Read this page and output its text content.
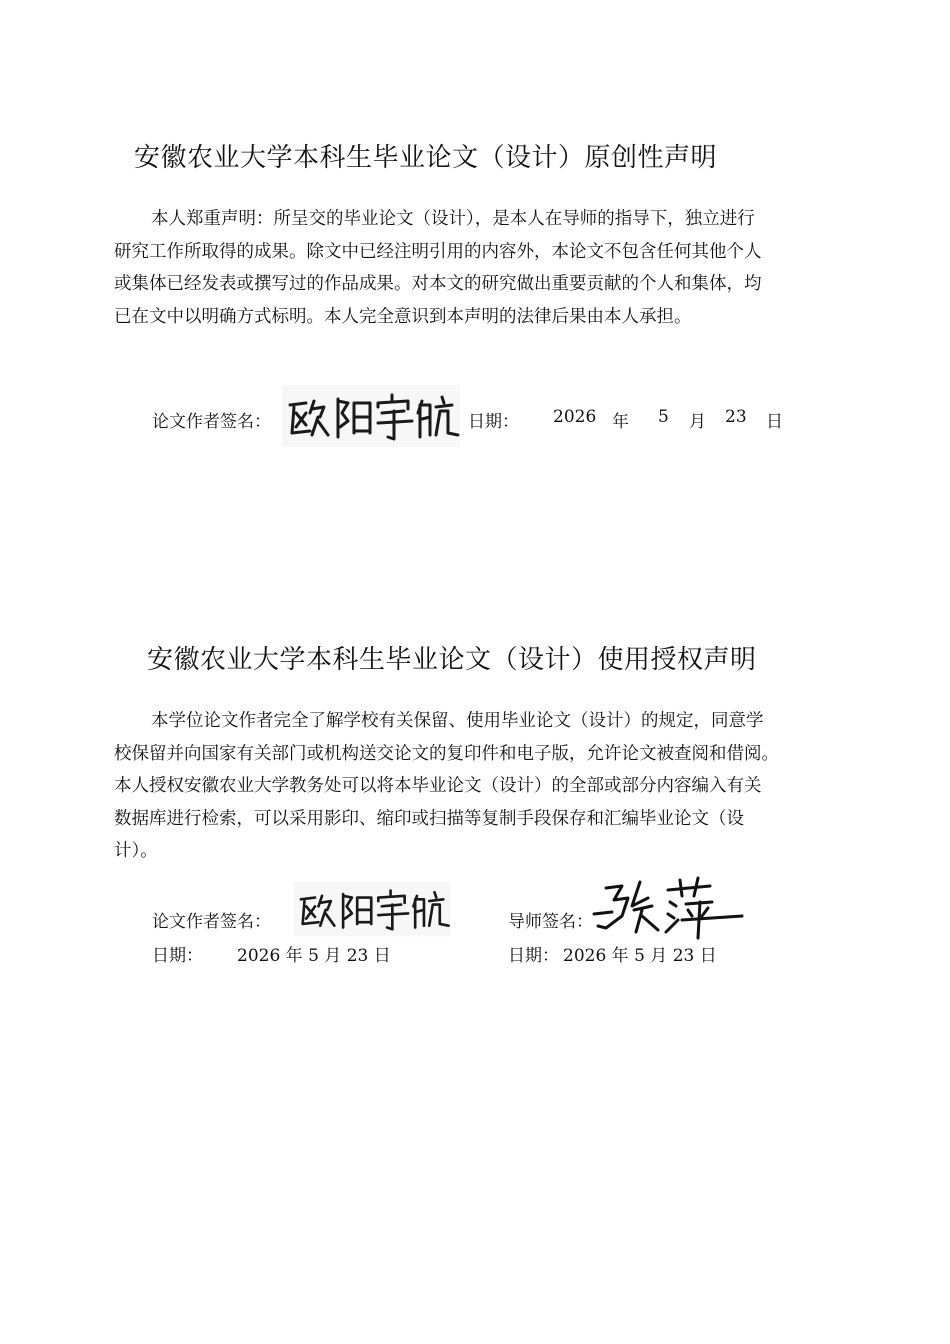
安徽农业大学本科生毕业论文（设计）原创性声明

本人郑重声明：所呈交的毕业论文（设计），是本人在导师的指导下，独立进行

研究工作所取得的成果。除文中已经注明引用的内容外，本论文不包含任何其他个人

或集体已经发表或撰写过的作品成果。对本文的研究做出重要贡献的个人和集体，均

已在文中以明确方式标明。本人完全意识到本声明的法律后果由本人承担。

论文作者签名：	日期： 2026 年 5 月 23 日
安徽农业大学本科生毕业论文（设计）使用授权声明

本学位论文作者完全了解学校有关保留、使用毕业论文（设计）的规定，同意学

校保留并向国家有关部门或机构送交论文的复印件和电子版，允许论文被查阅和借阅。

本人授权安徽农业大学教务处可以将本毕业论文（设计）的全部或部分内容编入有关

数据库进行检索，可以采用影印、缩印或扫描等复制手段保存和汇编毕业论文（设

计）。

论文作者签名：	导师签名：
日期： 2026 年 5 月 23 日	日期： 2026 年 5 月 23 日
